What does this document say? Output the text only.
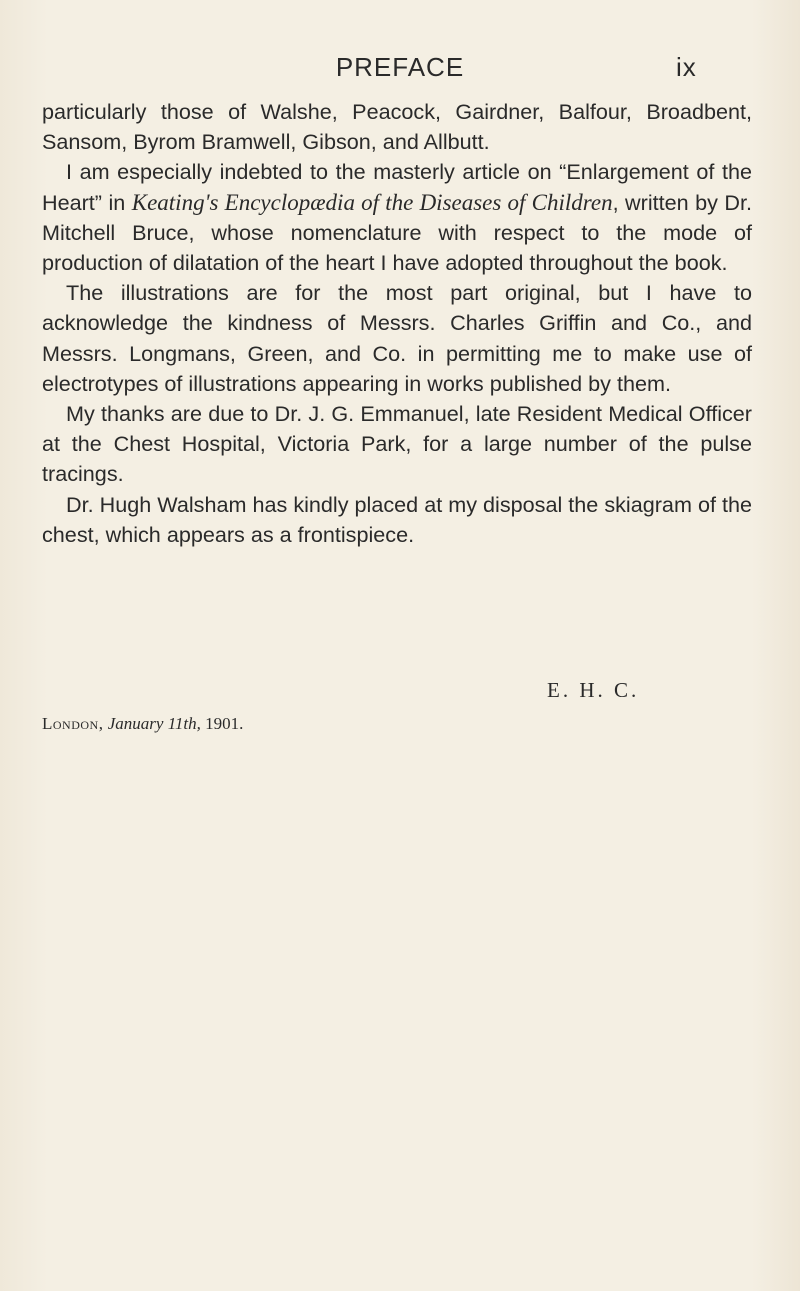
PREFACE	ix

particularly those of Walshe, Peacock, Gairdner, Balfour, Broadbent, Sansom, Byrom Bramwell, Gibson, and Allbutt.

I am especially indebted to the masterly article on “Enlargement of the Heart” in Keating's Encyclopædia of the Diseases of Children, written by Dr. Mitchell Bruce, whose nomenclature with respect to the mode of production of dilatation of the heart I have adopted throughout the book.

The illustrations are for the most part original, but I have to acknowledge the kindness of Messrs. Charles Griffin and Co., and Messrs. Longmans, Green, and Co. in permitting me to make use of electrotypes of illustrations appearing in works published by them.

My thanks are due to Dr. J. G. Emmanuel, late Resident Medical Officer at the Chest Hospital, Victoria Park, for a large number of the pulse tracings.

Dr. Hugh Walsham has kindly placed at my disposal the skiagram of the chest, which appears as a frontispiece.

E. H. C.
London, January 11th, 1901.
